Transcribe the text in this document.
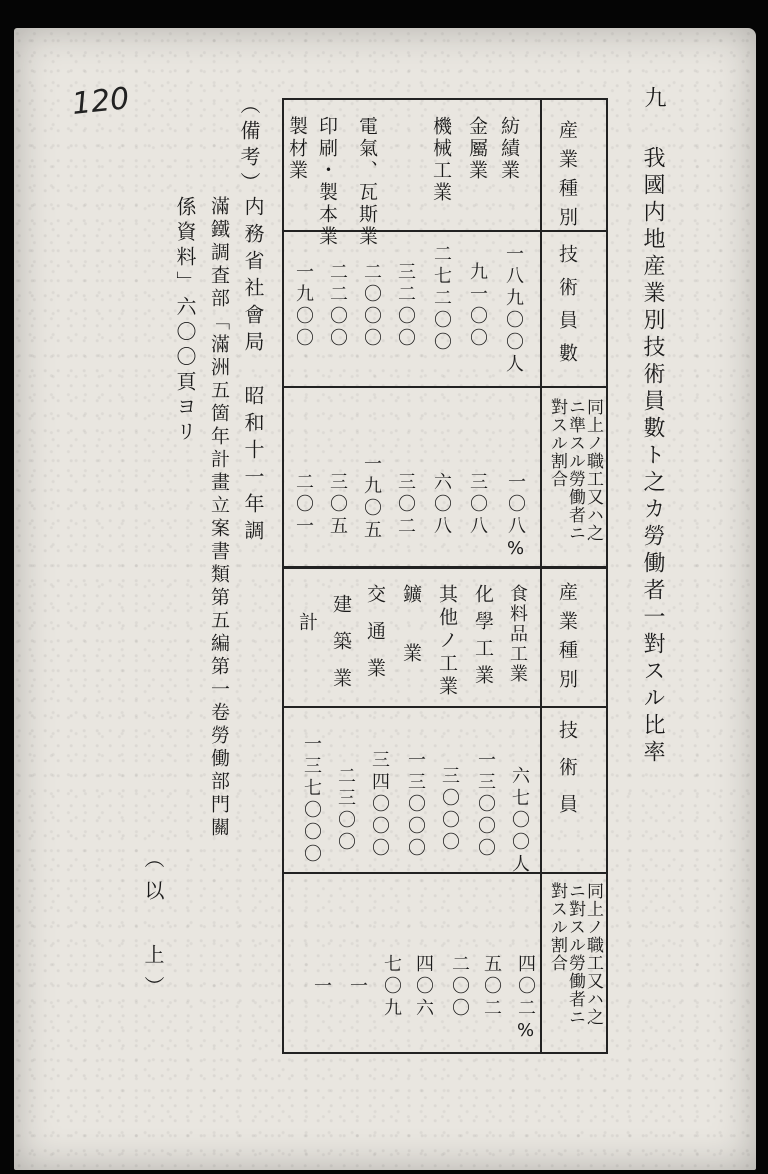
120	九
我國内地産業別技術員數ト之カ勞働者一對スル比率
産業種別
技術員數
同上ノ職工又ハ之ニ準スル勞働者ニ對スル割合
紡績業
金屬業
機械工業
電氣、瓦斯業
印刷・製本業
製材業
一八九〇〇人
九一〇〇
二七二〇〇
三二〇〇
二〇〇〇
二二〇〇
一九〇〇
一〇八%
三〇八
六〇八
三〇二
一九〇五
三〇五
二〇一
産業種別
技術員
同上ノ職工又ハ之ニ對スル勞働者ニ對スル割合
食料品工業
化學工業
其他ノ工業
鑛業
交通業
建築業
計
六七〇〇人
一三〇〇〇
三〇〇〇
一三〇〇〇
三四〇〇〇
二三〇〇
一三七〇〇〇
四〇二%
五〇二
二〇〇
四〇六
七〇九
一
一
（備考）
内務省社會局　昭和十一年調
滿鐵調査部「滿洲五箇年計畫立案書類第五編第一卷勞働部門關
係資料」六〇〇頁ヨリ
（以　上）
